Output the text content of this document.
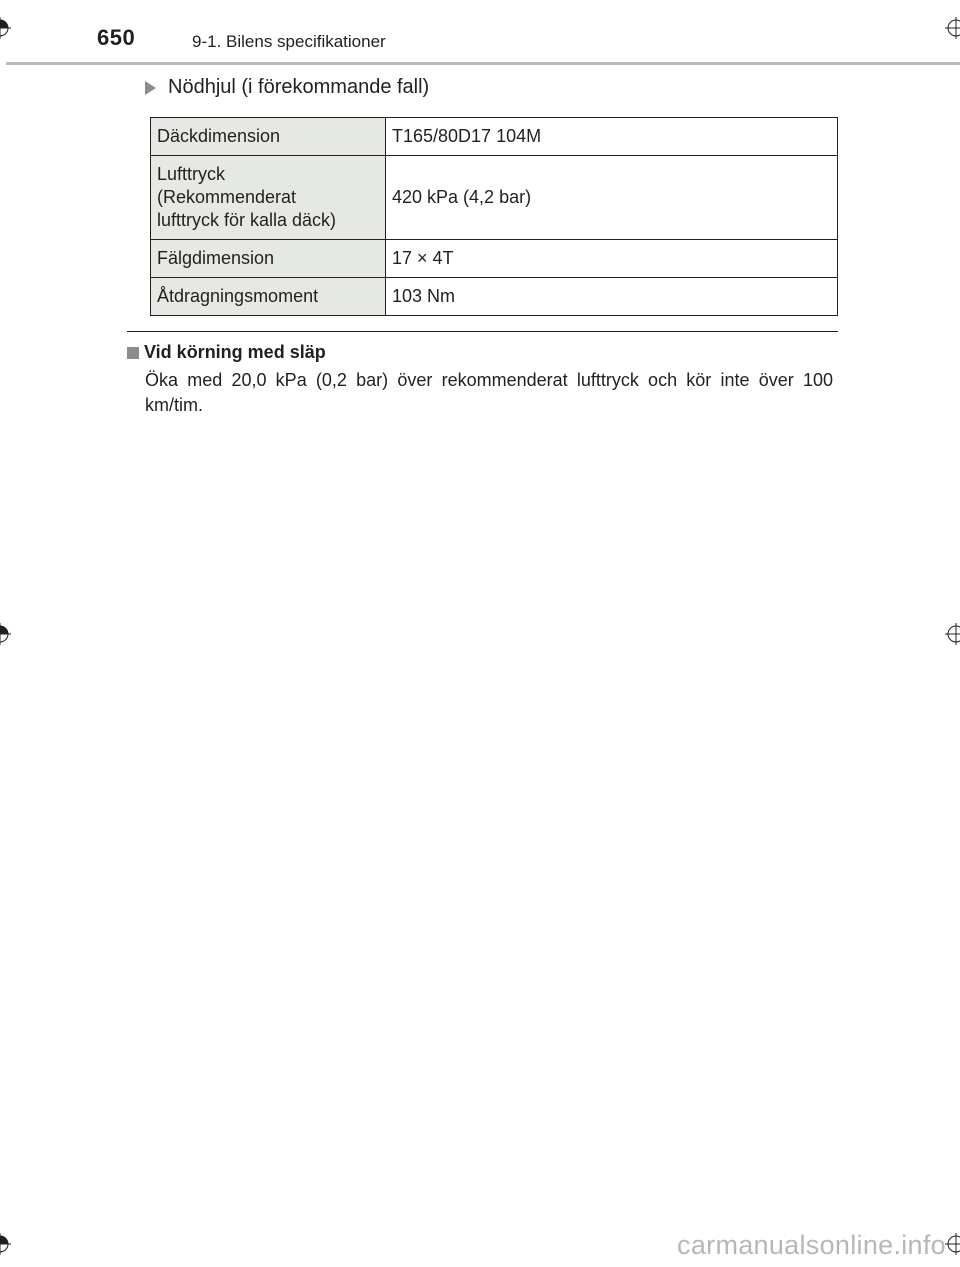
650	9-1. Bilens specifikationer
Nödhjul (i förekommande fall)
Däckdimension	T165/80D17 104M
Lufttryck
(Rekommenderat
lufttryck för kalla däck)	420 kPa (4,2 bar)
Fälgdimension	17 × 4T
Åtdragningsmoment	103 Nm
Vid körning med släp
Öka med 20,0 kPa (0,2 bar) över rekommenderat lufttryck och kör inte över 100 km/tim.
carmanualsonline.info
